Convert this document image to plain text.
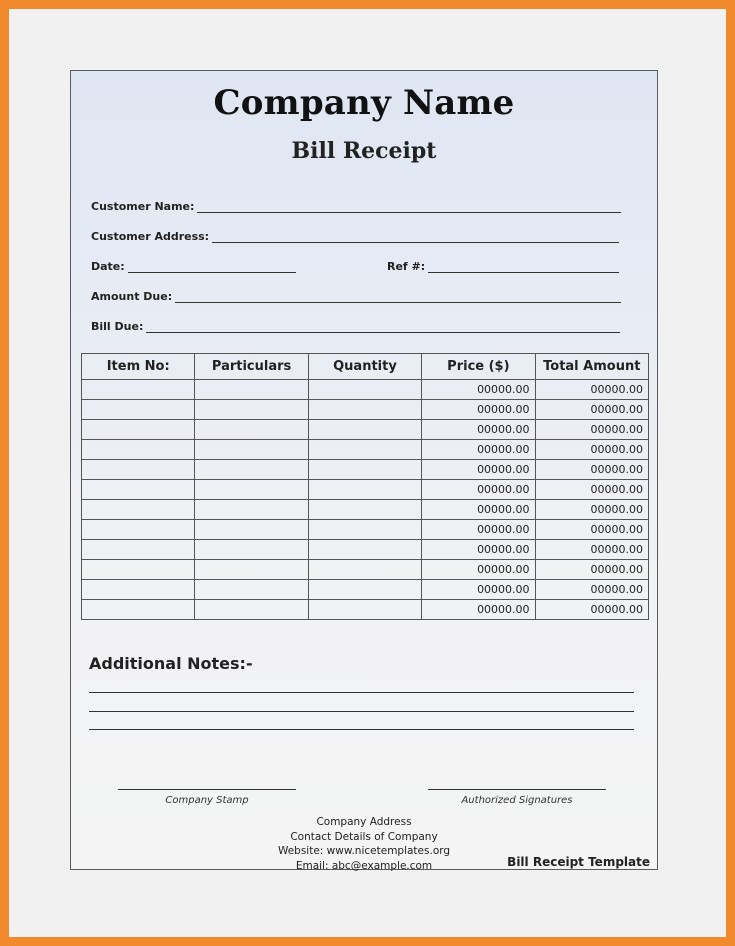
Company Name
Bill Receipt
Customer Name:
Customer Address:
Date:	Ref #:
Amount Due:
Bill Due:
Item No:	Particulars	Quantity	Price ($)	Total Amount
			00000.00	00000.00
			00000.00	00000.00
			00000.00	00000.00
			00000.00	00000.00
			00000.00	00000.00
			00000.00	00000.00
			00000.00	00000.00
			00000.00	00000.00
			00000.00	00000.00
			00000.00	00000.00
			00000.00	00000.00
			00000.00	00000.00
Additional Notes:-
Company Stamp	Authorized Signatures
Company Address
Contact Details of Company
Website: www.nicetemplates.org
Email: abc@example.com	Bill Receipt Template
